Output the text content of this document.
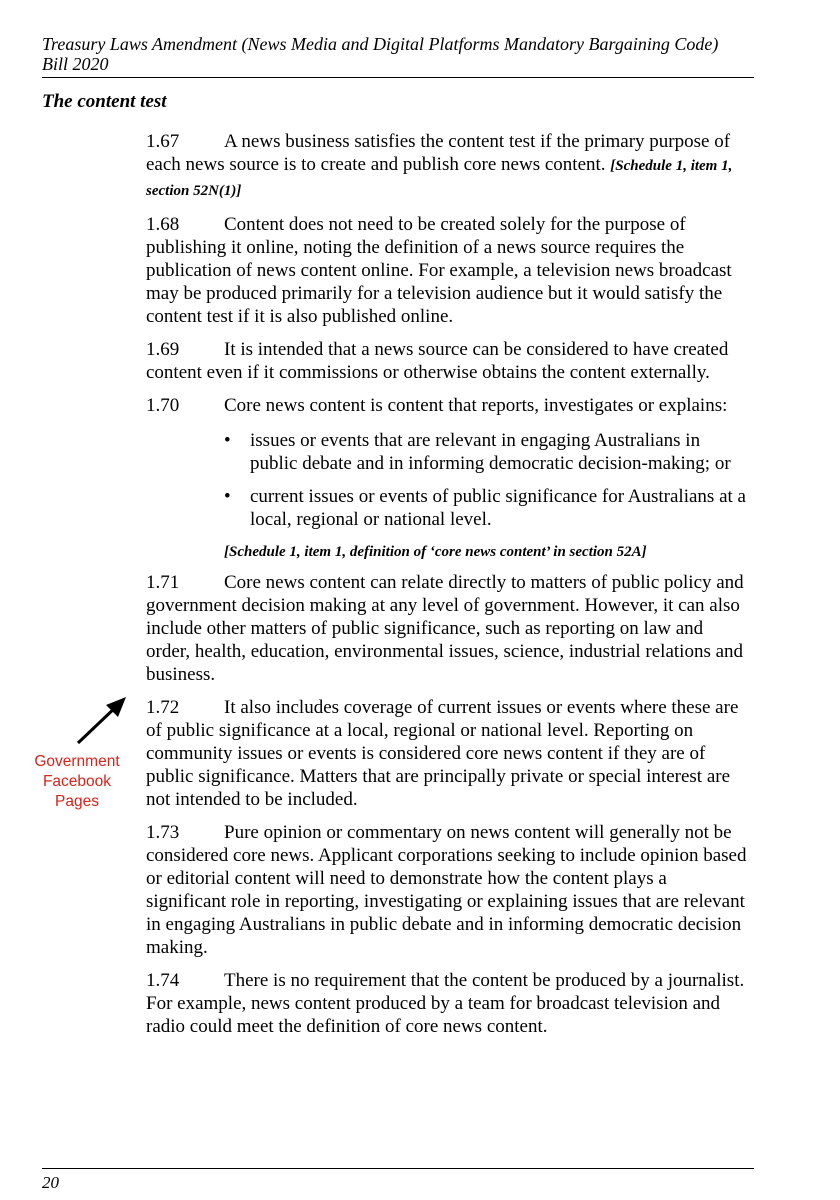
Treasury Laws Amendment (News Media and Digital Platforms Mandatory Bargaining Code)
Bill 2020
The content test

1.67 A news business satisfies the content test if the primary purpose of each news source is to create and publish core news content. [Schedule 1, item 1, section 52N(1)]

1.68 Content does not need to be created solely for the purpose of publishing it online, noting the definition of a news source requires the publication of news content online. For example, a television news broadcast may be produced primarily for a television audience but it would satisfy the content test if it is also published online.

1.69 It is intended that a news source can be considered to have created content even if it commissions or otherwise obtains the content externally.

1.70 Core news content is content that reports, investigates or explains:

• issues or events that are relevant in engaging Australians in public debate and in informing democratic decision-making; or
• current issues or events of public significance for Australians at a local, regional or national level.
[Schedule 1, item 1, definition of ‘core news content’ in section 52A]

1.71 Core news content can relate directly to matters of public policy and government decision making at any level of government. However, it can also include other matters of public significance, such as reporting on law and order, health, education, environmental issues, science, industrial relations and business.

1.72 It also includes coverage of current issues or events where these are of public significance at a local, regional or national level. Reporting on community issues or events is considered core news content if they are of public significance. Matters that are principally private or special interest are not intended to be included.

1.73 Pure opinion or commentary on news content will generally not be considered core news. Applicant corporations seeking to include opinion based or editorial content will need to demonstrate how the content plays a significant role in reporting, investigating or explaining issues that are relevant in engaging Australians in public debate and in informing democratic decision making.

1.74 There is no requirement that the content be produced by a journalist. For example, news content produced by a team for broadcast television and radio could meet the definition of core news content.

Government
Facebook
Pages
20
